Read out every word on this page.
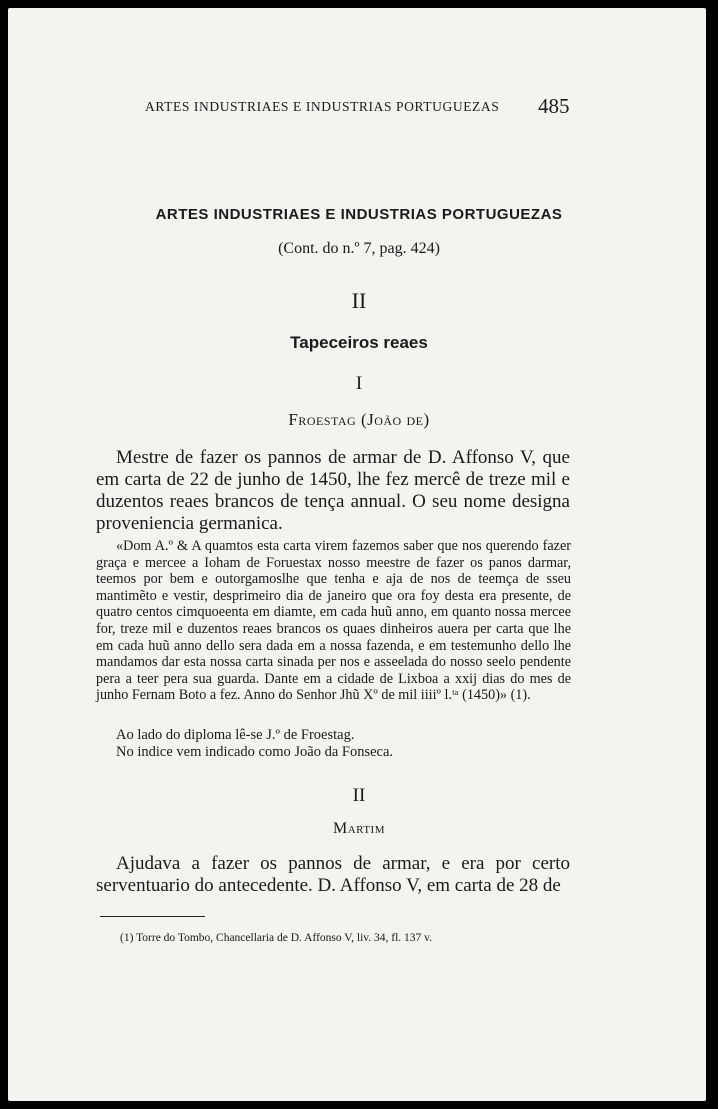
ARTES INDUSTRIAES E INDUSTRIAS PORTUGUEZAS 485
ARTES INDUSTRIAES E INDUSTRIAS PORTUGUEZAS
(Cont. do n.º 7, pag. 424)
II
Tapeceiros reaes
I
Froestag (João de)
Mestre de fazer os pannos de armar de D. Affonso V, que em carta de 22 de junho de 1450, lhe fez mercê de treze mil e duzentos reaes brancos de tença annual. O seu nome designa proveniencia germanica.
«Dom A.º & A quamtos esta carta virem fazemos saber que nos querendo fazer graça e mercee a Ioham de Foruestax nosso meestre de fazer os panos darmar, teemos por bem e outorgamoslhe que tenha e aja de nos de teemça de sseu mantimẽto e vestir, desprimeiro dia de janeiro que ora foy desta era presente, de quatro centos cimquoeenta em diamte, em cada huũ anno, em quanto nossa mercee for, treze mil e duzentos reaes brancos os quaes dinheiros auera per carta que lhe em cada huũ anno dello sera dada em a nossa fazenda, e em testemunho dello lhe mandamos dar esta nossa carta sinada per nos e asseelada do nosso seelo pendente pera a teer pera sua guarda. Dante em a cidade de Lixboa a xxij dias do mes de junho Fernam Boto a fez. Anno do Senhor Jhũ Xº de mil iiiiº l.ᵗᵃ (1450)» (1).
Ao lado do diploma lê-se J.º de Froestag.
No indice vem indicado como João da Fonseca.
II
Martim
Ajudava a fazer os pannos de armar, e era por certo serventuario do antecedente. D. Affonso V, em carta de 28 de
(1) Torre do Tombo, Chancellaria de D. Affonso V, liv. 34, fl. 137 v.
